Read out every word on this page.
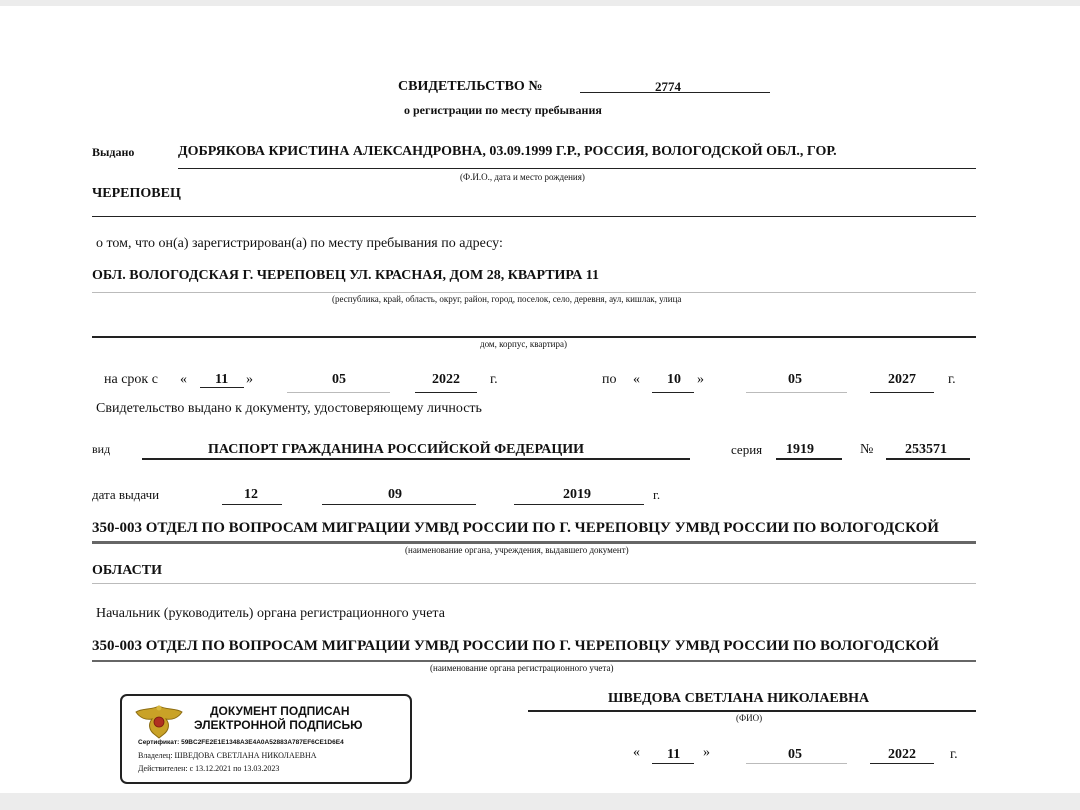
СВИДЕТЕЛЬСТВО №	2774
о регистрации по месту пребывания
Выдано	ДОБРЯКОВА КРИСТИНА АЛЕКСАНДРОВНА, 03.09.1999 Г.Р., РОССИЯ, ВОЛОГОДСКОЙ ОБЛ., ГОР.
(Ф.И.О., дата и место рождения)
ЧЕРЕПОВЕЦ
о том, что он(а) зарегистрирован(а) по месту пребывания по адресу:
ОБЛ. ВОЛОГОДСКАЯ Г. ЧЕРЕПОВЕЦ УЛ. КРАСНАЯ, ДОМ 28, КВАРТИРА 11
(республика, край, область, округ, район, город, поселок, село, деревня, аул, кишлак, улица
дом, корпус, квартира)
на срок с « 11 »	05	2022 г.	по « 10 »	05	2027 г.
Свидетельство выдано к документу, удостоверяющему личность
вид	ПАСПОРТ ГРАЖДАНИНА РОССИЙСКОЙ ФЕДЕРАЦИИ	серия 1919	№ 253571
дата выдачи	12	09	2019	г.
350-003 ОТДЕЛ ПО ВОПРОСАМ МИГРАЦИИ УМВД РОССИИ ПО Г. ЧЕРЕПОВЦУ УМВД РОССИИ ПО ВОЛОГОДСКОЙ
(наименование органа, учреждения, выдавшего документ)
ОБЛАСТИ
Начальник (руководитель) органа регистрационного учета
350-003 ОТДЕЛ ПО ВОПРОСАМ МИГРАЦИИ УМВД РОССИИ ПО Г. ЧЕРЕПОВЦУ УМВД РОССИИ ПО ВОЛОГОДСКОЙ
(наименование органа регистрационного учета)
ШВЕДОВА СВЕТЛАНА НИКОЛАЕВНА
(ФИО)
« 11 »	05	2022 г.
ДОКУМЕНТ ПОДПИСАН
ЭЛЕКТРОННОЙ ПОДПИСЬЮ
Сертификат: 59BC2FE2E1E1348A3E4A0A52883A787EF6CE1D6E4
Владелец: ШВЕДОВА СВЕТЛАНА НИКОЛАЕВНА
Действителен: с 13.12.2021 по 13.03.2023
